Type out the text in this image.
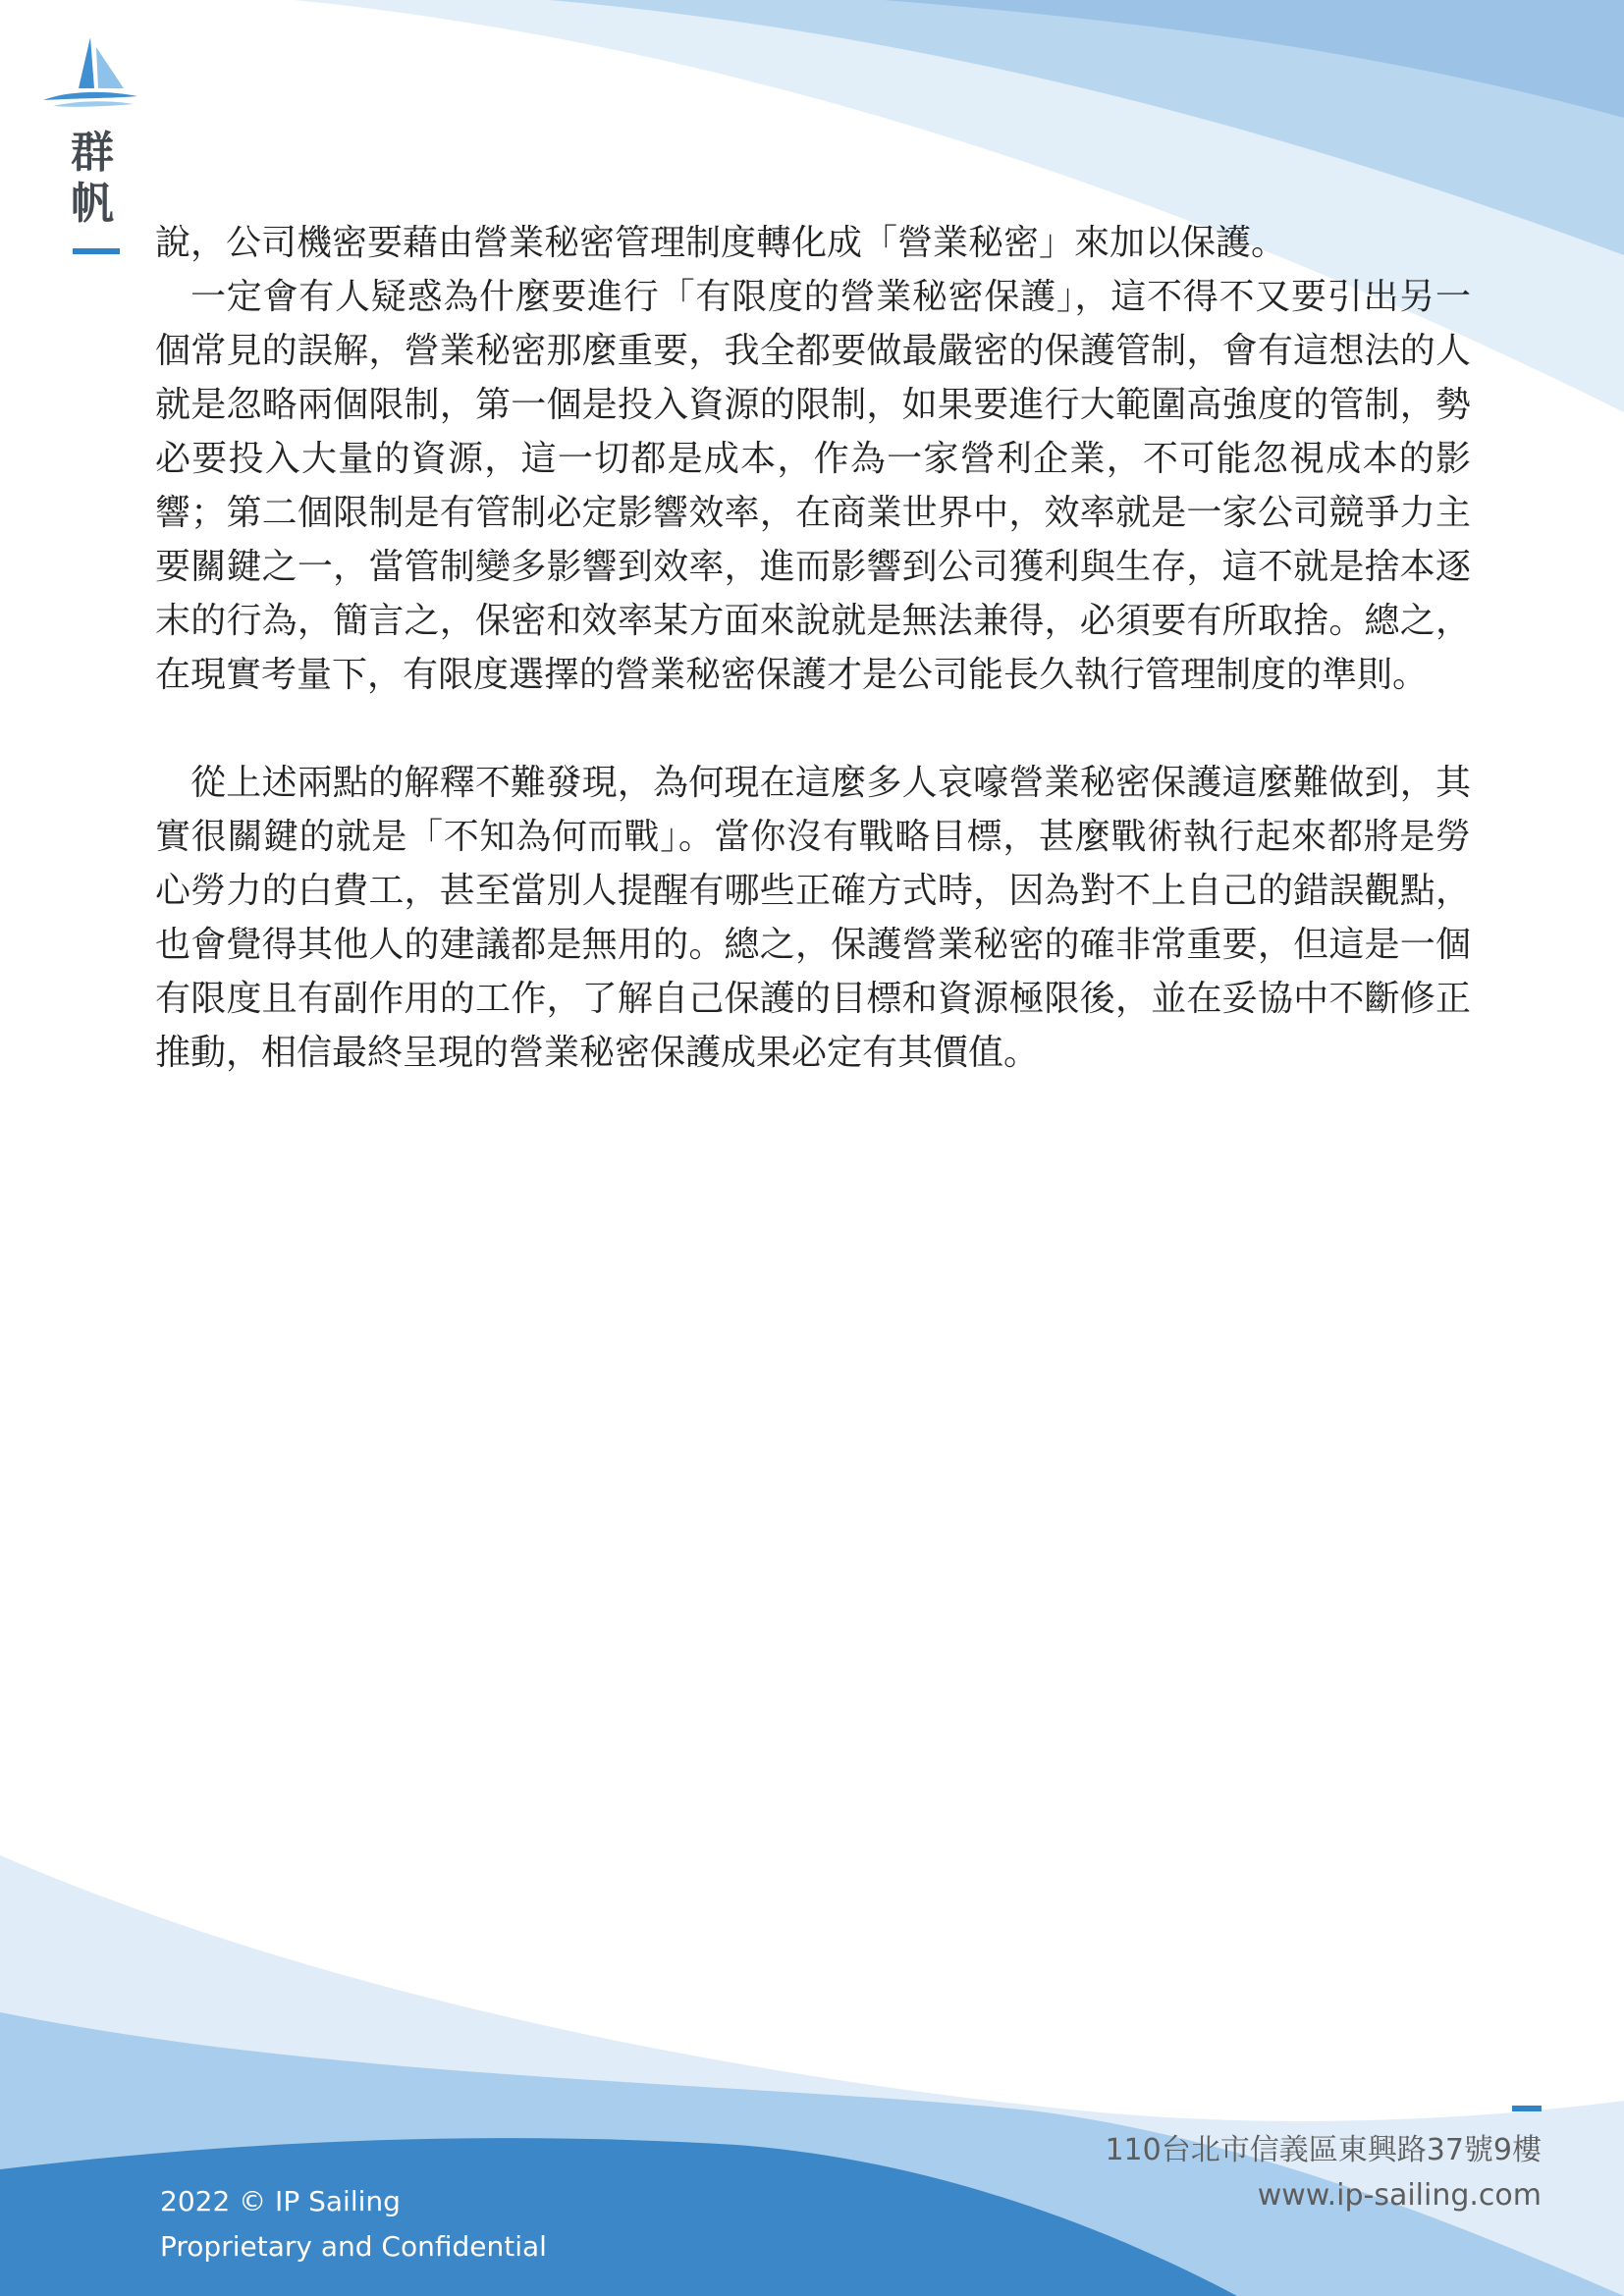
群
帆

說，公司機密要藉由營業秘密管理制度轉化成「營業秘密」來加以保護。

一定會有人疑惑為什麼要進行「有限度的營業秘密保護」，這不得不又要引出另一個常見的誤解，營業秘密那麼重要，我全都要做最嚴密的保護管制，會有這想法的人就是忽略兩個限制，第一個是投入資源的限制，如果要進行大範圍高強度的管制，勢必要投入大量的資源，這一切都是成本，作為一家營利企業，不可能忽視成本的影響；第二個限制是有管制必定影響效率，在商業世界中，效率就是一家公司競爭力主要關鍵之一，當管制變多影響到效率，進而影響到公司獲利與生存，這不就是捨本逐末的行為，簡言之，保密和效率某方面來說就是無法兼得，必須要有所取捨。總之，在現實考量下，有限度選擇的營業秘密保護才是公司能長久執行管理制度的準則。

從上述兩點的解釋不難發現，為何現在這麼多人哀嚎營業秘密保護這麼難做到，其實很關鍵的就是「不知為何而戰」。當你沒有戰略目標，甚麼戰術執行起來都將是勞心勞力的白費工，甚至當別人提醒有哪些正確方式時，因為對不上自己的錯誤觀點，也會覺得其他人的建議都是無用的。總之，保護營業秘密的確非常重要，但這是一個有限度且有副作用的工作，了解自己保護的目標和資源極限後，並在妥協中不斷修正推動，相信最終呈現的營業秘密保護成果必定有其價值。

110台北市信義區東興路37號9樓
www.ip-sailing.com
2022 © IP Sailing
Proprietary and Confidential
